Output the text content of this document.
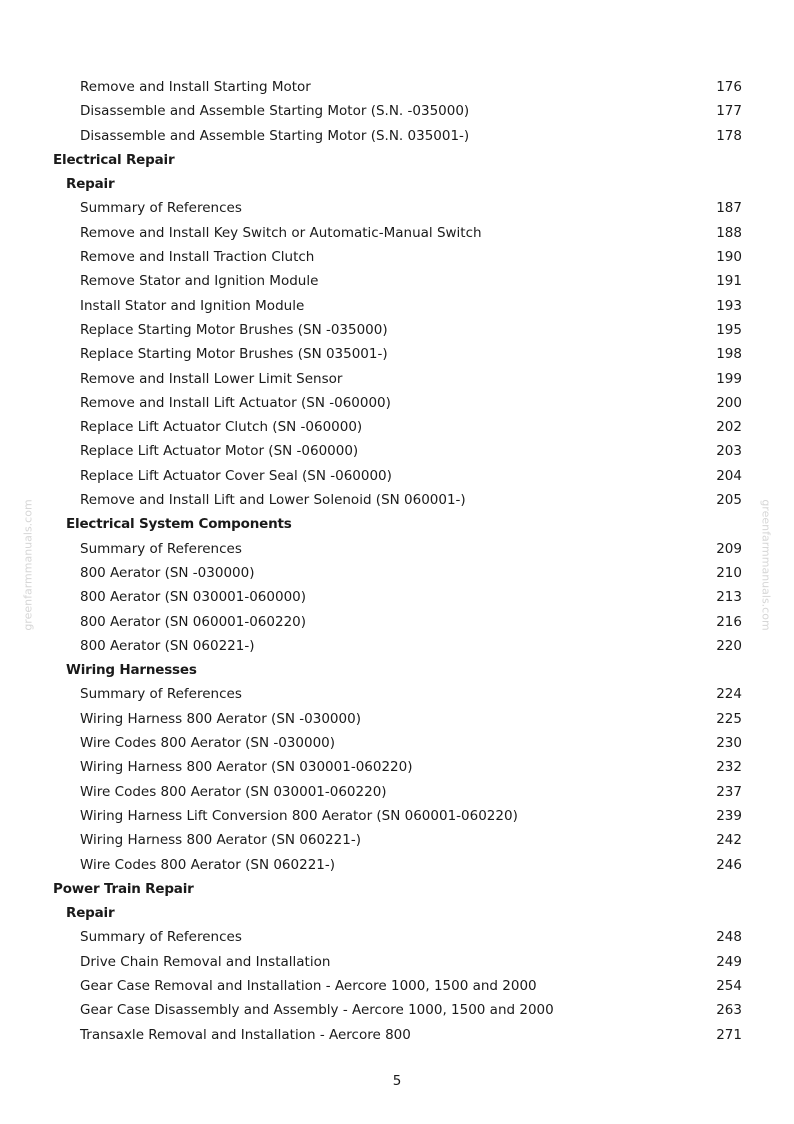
greenfarmmanuals.com	greenfarmmanuals.com
Remove and Install Starting Motor	176
Disassemble and Assemble Starting Motor (S.N. -035000)	177
Disassemble and Assemble Starting Motor (S.N. 035001-)	178
Electrical Repair
Repair
Summary of References	187
Remove and Install Key Switch or Automatic-Manual Switch	188
Remove and Install Traction Clutch	190
Remove Stator and Ignition Module	191
Install Stator and Ignition Module	193
Replace Starting Motor Brushes (SN -035000)	195
Replace Starting Motor Brushes (SN 035001-)	198
Remove and Install Lower Limit Sensor	199
Remove and Install Lift Actuator (SN -060000)	200
Replace Lift Actuator Clutch (SN -060000)	202
Replace Lift Actuator Motor (SN -060000)	203
Replace Lift Actuator Cover Seal (SN -060000)	204
Remove and Install Lift and Lower Solenoid (SN 060001-)	205
Electrical System Components
Summary of References	209
800 Aerator (SN -030000)	210
800 Aerator (SN 030001-060000)	213
800 Aerator (SN 060001-060220)	216
800 Aerator (SN 060221-)	220
Wiring Harnesses
Summary of References	224
Wiring Harness 800 Aerator (SN -030000)	225
Wire Codes 800 Aerator (SN -030000)	230
Wiring Harness 800 Aerator (SN 030001-060220)	232
Wire Codes 800 Aerator (SN 030001-060220)	237
Wiring Harness Lift Conversion 800 Aerator (SN 060001-060220)	239
Wiring Harness 800 Aerator (SN 060221-)	242
Wire Codes 800 Aerator (SN 060221-)	246
Power Train Repair
Repair
Summary of References	248
Drive Chain Removal and Installation	249
Gear Case Removal and Installation - Aercore 1000, 1500 and 2000	254
Gear Case Disassembly and Assembly - Aercore 1000, 1500 and 2000	263
Transaxle Removal and Installation - Aercore 800	271
5
